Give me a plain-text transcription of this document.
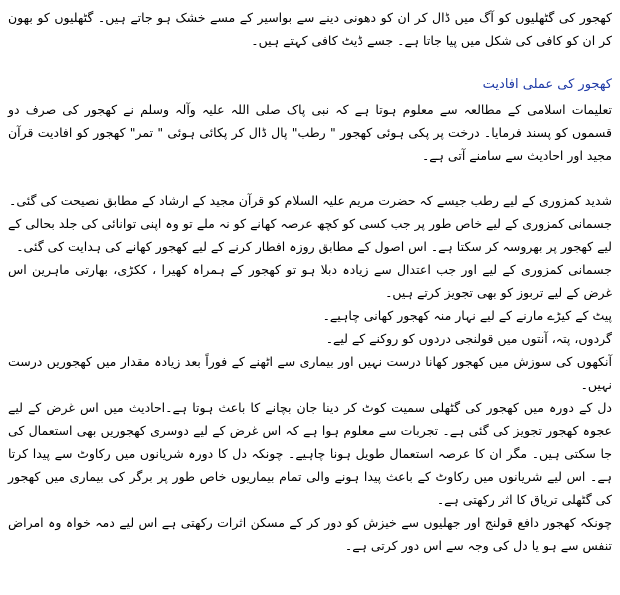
کھجور کی گٹھلیوں کو آگ میں ڈال کر ان کو دھونی دینے سے بواسیر کے مسے خشک ہو جاتے ہیں۔ گٹھلیوں کو بھون کر ان کو کافی کی شکل میں پیا جاتا ہے۔ جسے ڈیٹ کافی کہتے ہیں۔

کھجور کی عملی افادیت

تعلیمات اسلامی کے مطالعہ سے معلوم ہوتا ہے کہ نبی پاک صلی اللہ علیہ وآلہ وسلم نے کھجور کی صرف دو قسموں کو پسند فرمایا۔ درخت پر پکی ہوئی کھجور " رطب" پال ڈال کر پکائی ہوئی " تمر" کھجور کو افادیت قرآن مجید اور احادیث سے سامنے آتی ہے۔

شدید کمزوری کے لیے رطب جیسے کہ حضرت مریم علیہ السلام کو قرآن مجید کے ارشاد کے مطابق نصیحت کی گئی۔

جسمانی کمزوری کے لیے خاص طور پر جب کسی کو کچھ عرصہ کھانے کو نہ ملے تو وہ اپنی توانائی کی جلد بحالی کے لیے کھجور پر بھروسہ کر سکتا ہے۔ اس اصول کے مطابق روزہ افطار کرنے کے لیے کھجور کھانے کی ہدایت کی گئی۔

جسمانی کمزوری کے لیے اور جب اعتدال سے زیادہ دبلا ہو تو کھجور کے ہمراہ کھیرا ، ککڑی، بھارتی ماہرین اس غرض کے لیے تربوز کو بھی تجویز کرتے ہیں۔

پیٹ کے کیڑے مارنے کے لیے نہار منہ کھجور کھانی چاہیے۔

گردوں، پتہ، آنتوں میں قولنجی دردوں کو روکنے کے لیے۔

آنکھوں کی سوزش میں کھجور کھانا درست نہیں اور بیماری سے اٹھنے کے فوراً بعد زیادہ مقدار میں کھجوریں درست نہیں۔

دل کے دورہ میں کھجور کی گٹھلی سمیت کوٹ کر دینا جان بچانے کا باعث ہوتا ہے۔احادیث میں اس غرض کے لیے عجوہ کھجور تجویز کی گئی ہے۔ تجربات سے معلوم ہوا ہے کہ اس غرض کے لیے دوسری کھجوریں بھی استعمال کی جا سکتی ہیں۔ مگر ان کا عرصہ استعمال طویل ہونا چاہیے۔ چونکہ دل کا دورہ شریانوں میں رکاوٹ سے پیدا کرتا ہے۔ اس لیے شریانوں میں رکاوٹ کے باعث پیدا ہونے والی تمام بیماریوں خاص طور پر برگر کی بیماری میں کھجور کی گٹھلی تریاق کا اثر رکھتی ہے۔

چونکہ کھجور دافع قولنج اور جھلیوں سے خیزش کو دور کر کے مسکن اثرات رکھتی ہے اس لیے دمہ خواہ وہ امراض تنفس سے ہو یا دل کی وجہ سے اس دور کرتی ہے۔
